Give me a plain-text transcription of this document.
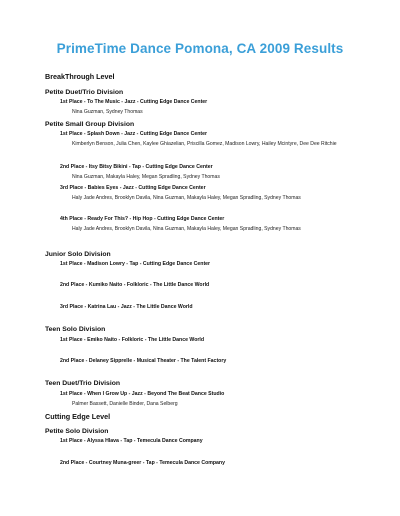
PrimeTime Dance Pomona, CA 2009 Results
BreakThrough Level
Petite Duet/Trio Division
1st Place - To The Music - Jazz - Cutting Edge Dance Center
Nina Guzman, Sydney Thomas
Petite Small Group Division
1st Place - Splash Down - Jazz - Cutting Edge Dance Center
Kimberlyn Benson, Julia Chen, Kaylee Ghiazelian, Priscilla Gomez, Madison Lowry, Hailey Mcintyre, Dee Dee Ritchie
2nd Place - Itsy Bitsy Bikini - Tap - Cutting Edge Dance Center
Nina Guzman, Makayla Haley, Megan Spradling, Sydney Thomas
3rd Place - Babies Eyes - Jazz - Cutting Edge Dance Center
Haly Jade Andres, Brooklyn Davila, Nina Guzman, Makayla Haley, Megan Spradling, Sydney Thomas
4th Place - Ready For This? - Hip Hop - Cutting Edge Dance Center
Haly Jade Andres, Brooklyn Davila, Nina Guzman, Makayla Haley, Megan Spradling, Sydney Thomas
Junior Solo Division
1st Place - Madison Lowry - Tap - Cutting Edge Dance Center
2nd Place - Kumiko Naito - Folkloric - The Little Dance World
3rd Place - Katrina Lau - Jazz - The Little Dance World
Teen Solo Division
1st Place - Emiko Naito - Folkloric - The Little Dance World
2nd Place - Delaney Sipprelle - Musical Theater - The Talent Factory
Teen Duet/Trio Division
1st Place - When I Grow Up - Jazz - Beyond The Beat Dance Studio
Palmer Bassett, Danielle Binder, Dana Selberg
Cutting Edge Level
Petite Solo Division
1st Place - Alyssa Hlava - Tap - Temecula Dance Company
2nd Place - Courtney Muna-greer - Tap - Temecula Dance Company
